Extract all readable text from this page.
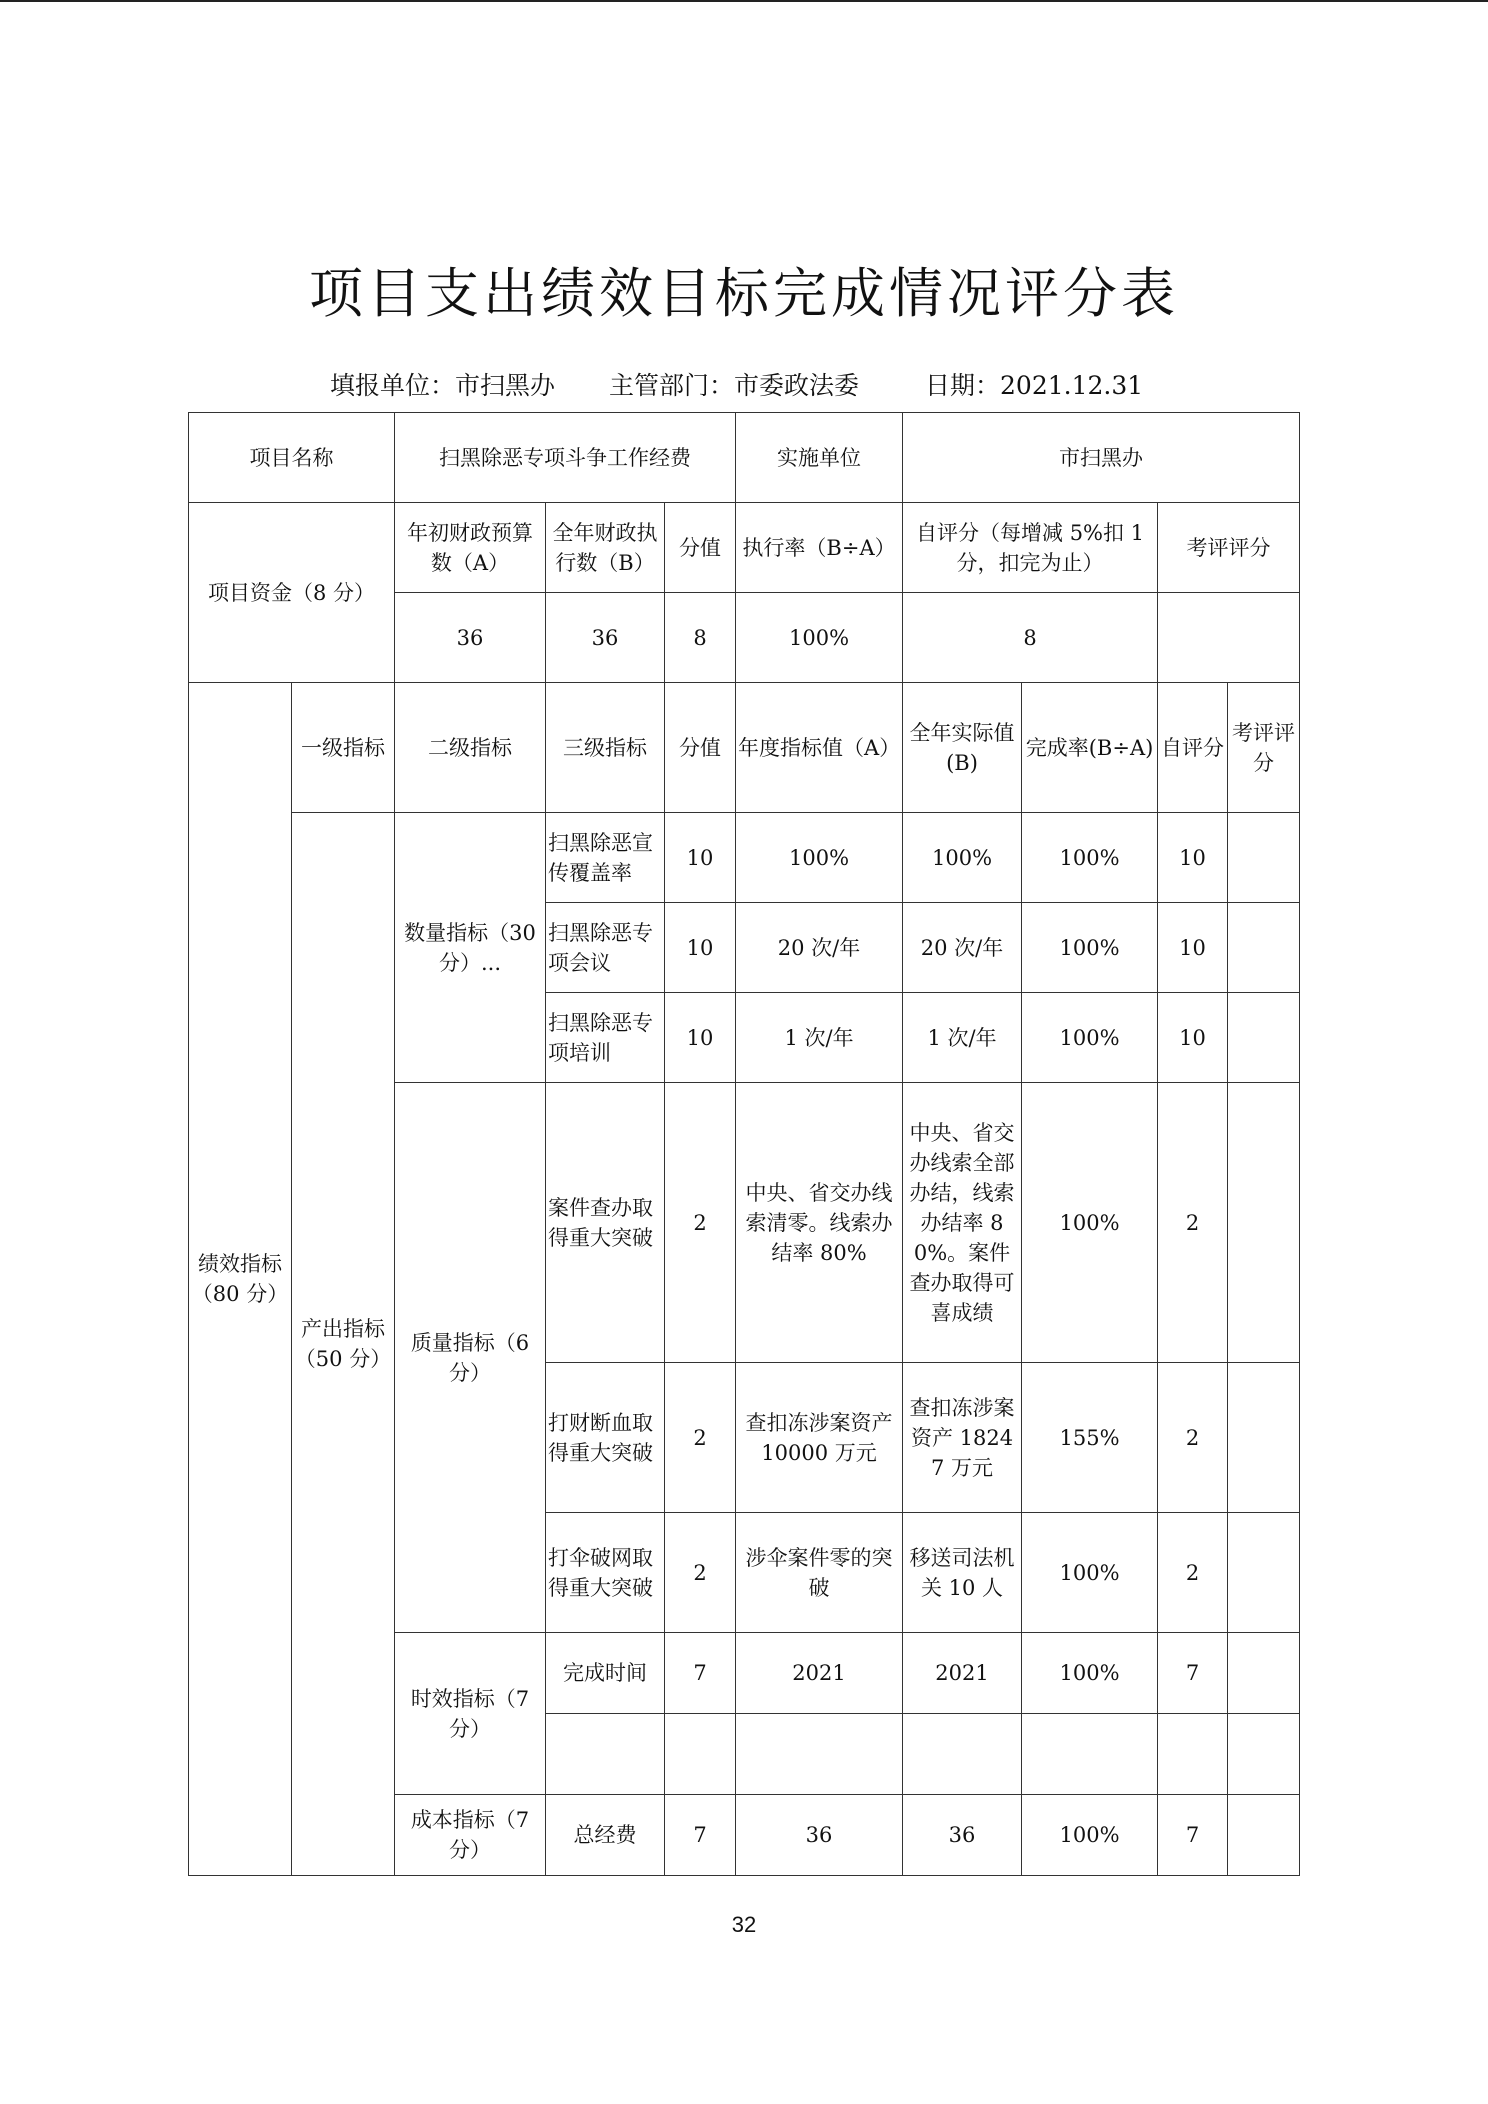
项目支出绩效目标完成情况评分表
填报单位：市扫黑办 主管部门：市委政法委	日期：2021.12.31
项目名称		扫黑除恶专项斗争工作经费			实施单位	市扫黑办			
项目资金（8 分）		年初财政预算数（A）	全年财政执行数（B）	分值	执行率（B÷A）	自评分（每增减 5%扣 1 分，扣完为止）		考评评分	
		36	36	8	100%	8			
绩效指标（80 分）	一级指标	二级指标	三级指标	分值	年度指标值（A）	全年实际值(B)	完成率(B÷A)	自评分	考评评分
	产出指标（50 分）	数量指标（30 分）...	扫黑除恶宣传覆盖率	10	100%	100%	100%	10	
			扫黑除恶专项会议	10	20 次/年	20 次/年	100%	10	
			扫黑除恶专项培训	10	1 次/年	1 次/年	100%	10	
		质量指标（6 分）	案件查办取得重大突破	2	中央、省交办线索清零。线索办结率 80%	中央、省交办线索全部办结，线索办结率 80%。案件查办取得可喜成绩	100%	2	
			打财断血取得重大突破	2	查扣冻涉案资产 10000 万元	查扣冻涉案资产 18247 万元	155%	2	
			打伞破网取得重大突破	2	涉伞案件零的突破	移送司法机关 10 人	100%	2	
		时效指标（7 分）	完成时间	7	2021	2021	100%	7	

		成本指标（7 分）	总经费	7	36	36	100%	7	
32
